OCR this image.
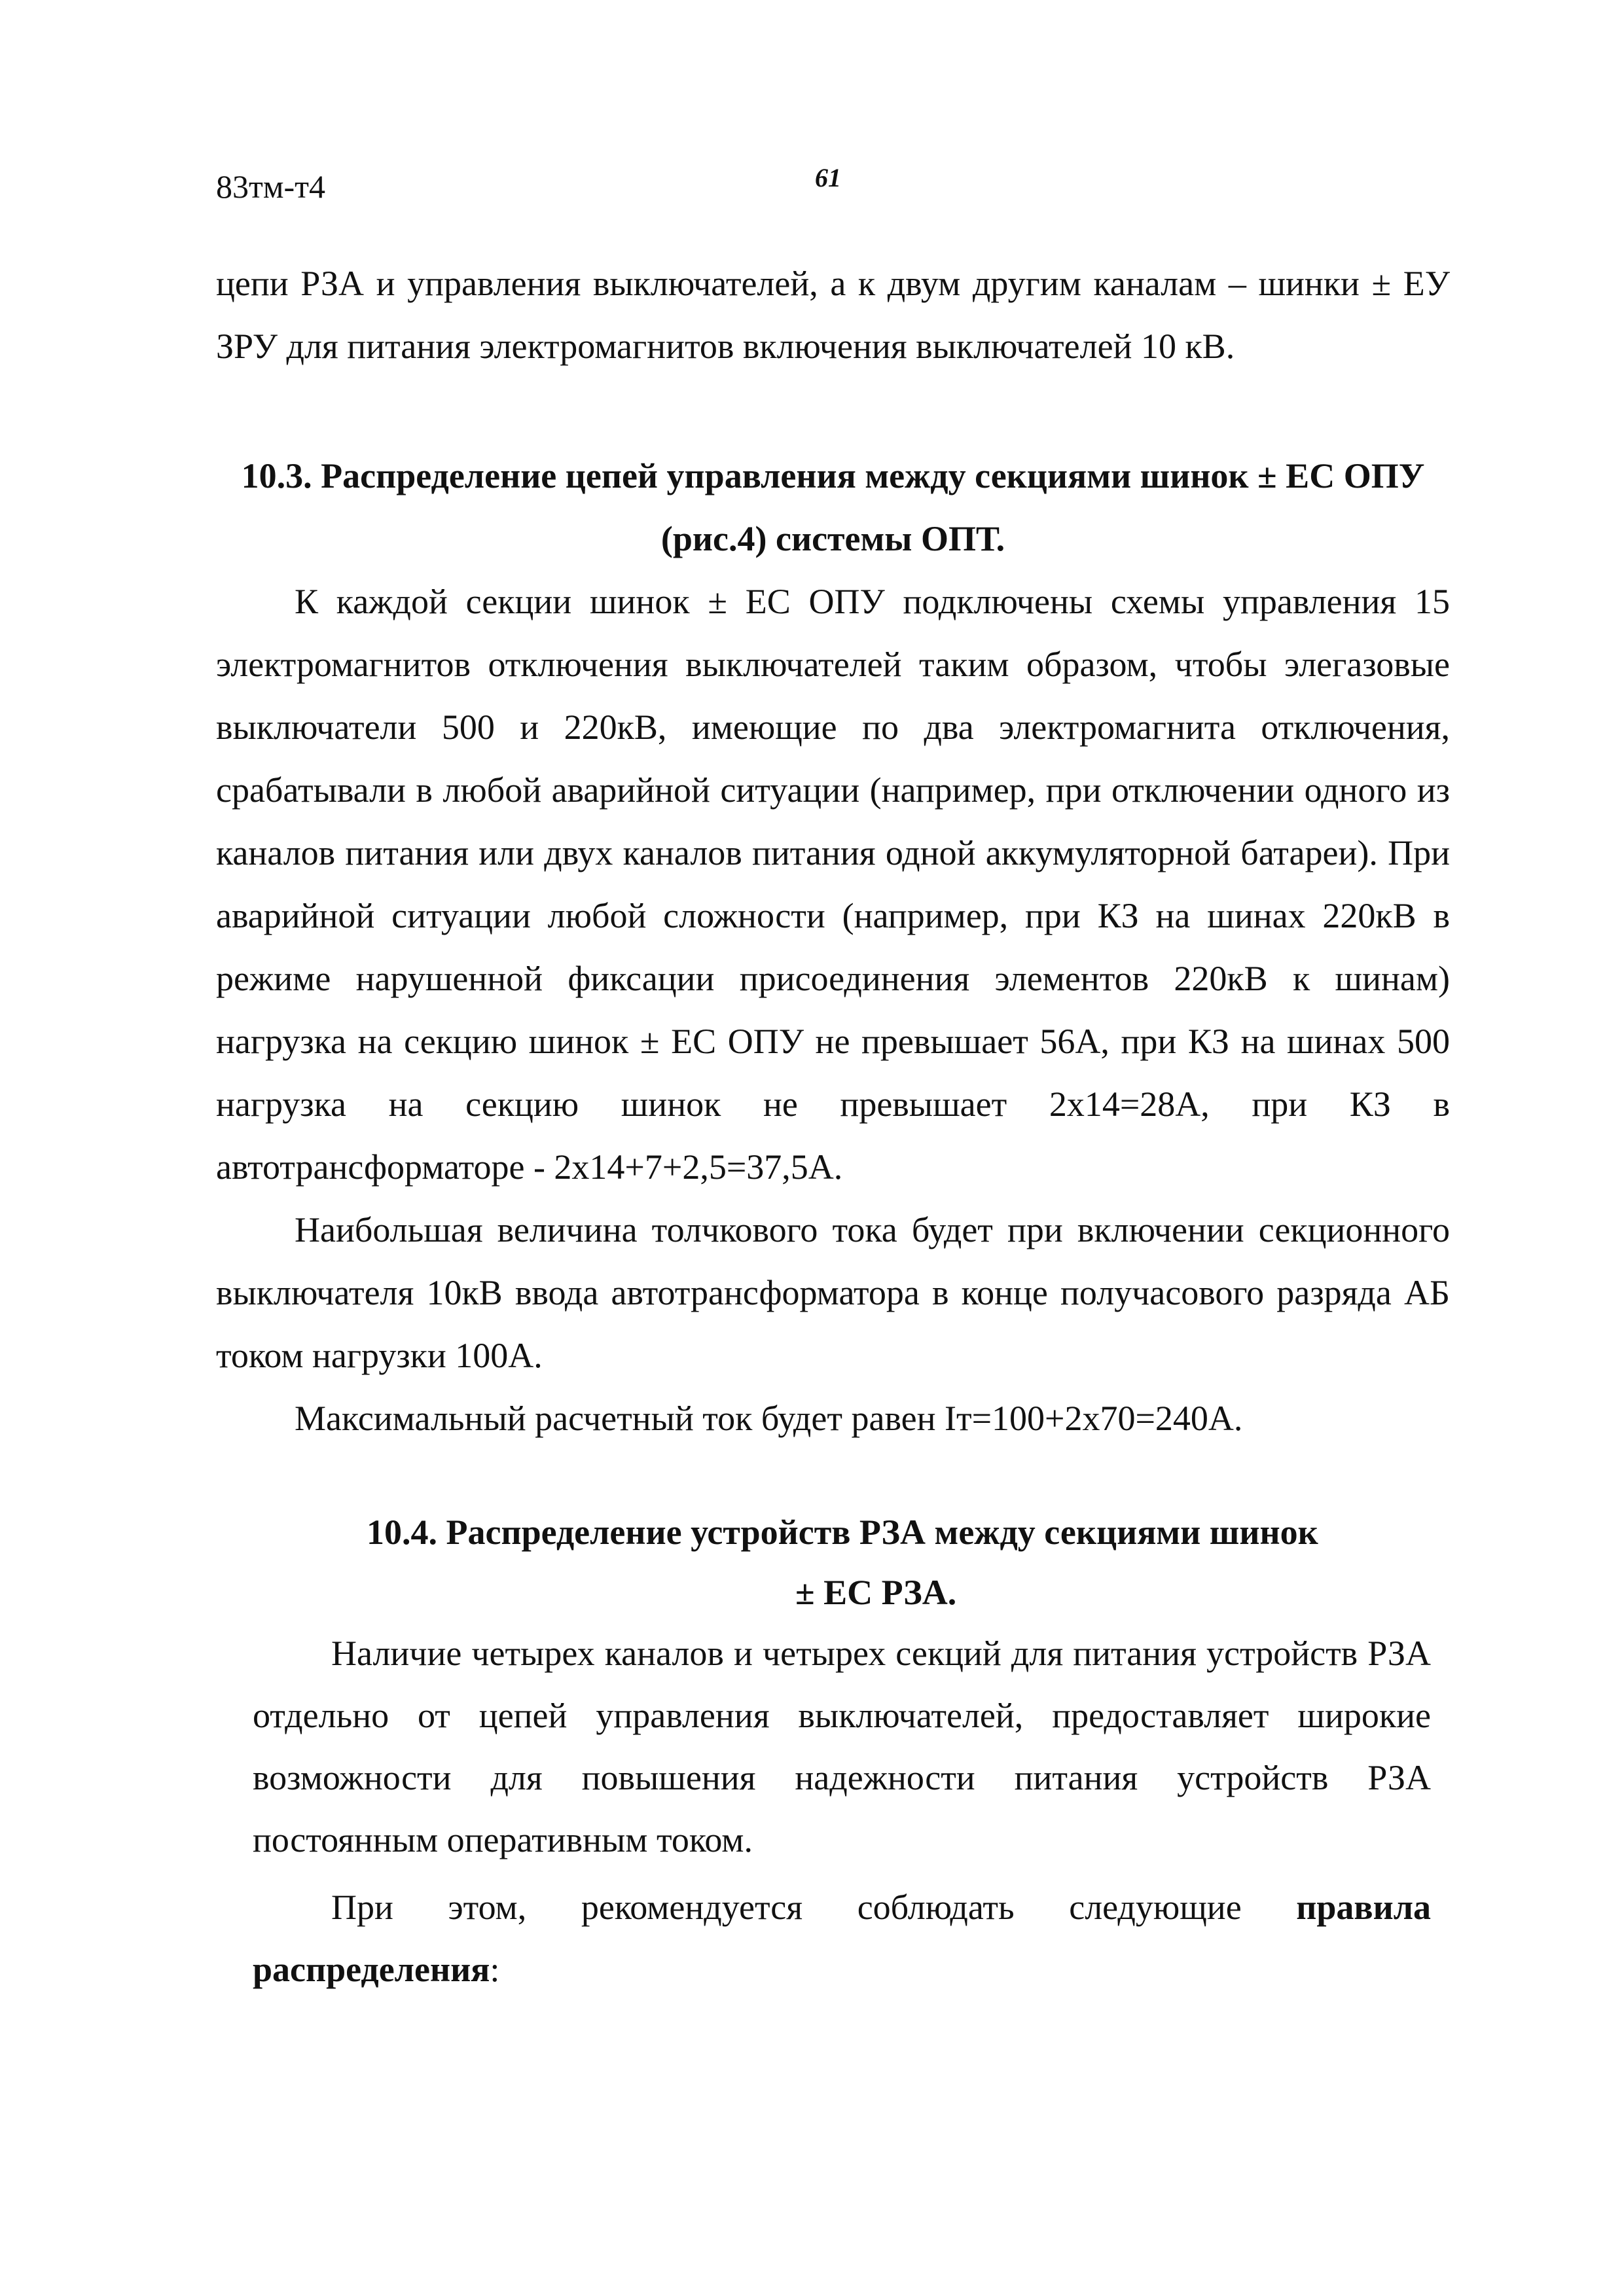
83тм-т4	61

цепи РЗА и управления выключателей, а к двум другим каналам – шинки ± ЕУ ЗРУ для питания электромагнитов включения выключателей 10 кВ.

10.3. Распределение цепей управления между секциями шинок ± ЕС ОПУ (рис.4) системы ОПТ.

К каждой секции шинок ± ЕС ОПУ подключены схемы управления 15 электромагнитов отключения выключателей таким образом, чтобы элегазовые выключатели 500 и 220кВ, имеющие по два электромагнита отключения, срабатывали в любой аварийной ситуации (например, при отключении одного из каналов питания или двух каналов питания одной аккумуляторной батареи). При аварийной ситуации любой сложности (например, при КЗ на шинах 220кВ в режиме нарушенной фиксации присоединения элементов 220кВ к шинам) нагрузка на секцию шинок ± ЕС ОПУ не превышает 56А, при КЗ на шинах 500 нагрузка на секцию шинок не превышает 2х14=28А, при КЗ в автотрансформаторе - 2х14+7+2,5=37,5А.

Наибольшая величина толчкового тока будет при включении секционного выключателя 10кВ ввода автотрансформатора в конце получасового разряда АБ током нагрузки 100А.

Максимальный расчетный ток будет равен Iт=100+2х70=240А.

10.4. Распределение устройств РЗА между секциями шинок

± ЕС РЗА.

Наличие четырех каналов и четырех секций для питания устройств РЗА отдельно от цепей управления выключателей, предоставляет широкие возможности для повышения надежности питания устройств РЗА постоянным оперативным током.

При этом, рекомендуется соблюдать следующие правила распределения:
